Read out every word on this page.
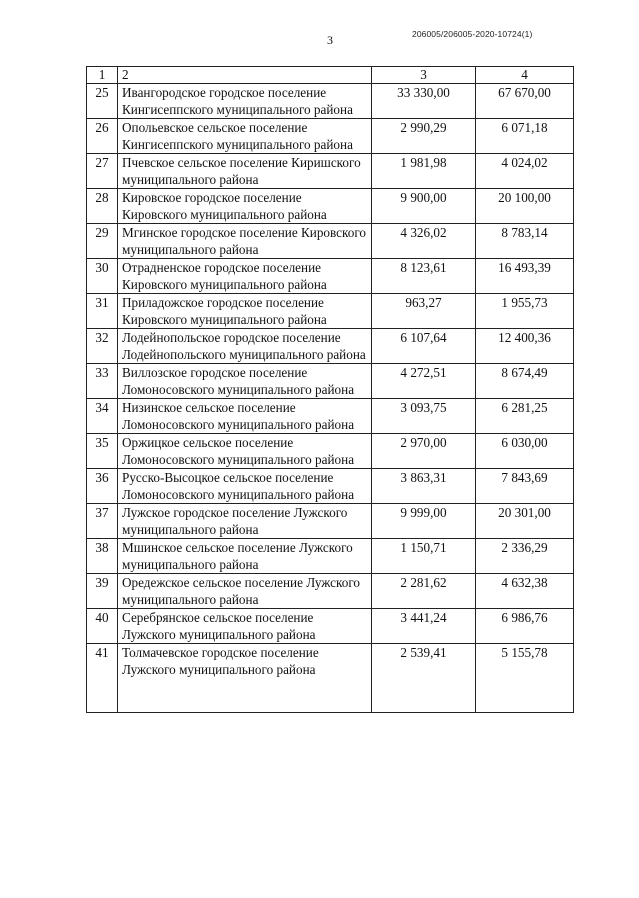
206005/206005-2020-10724(1)
3
1	2	3	4
25	Ивангородское городское поселение Кингисеппского муниципального района	33 330,00	67 670,00
26	Опольевское сельское поселение Кингисеппского муниципального района	2 990,29	6 071,18
27	Пчевское сельское поселение Киришского муниципального района	1 981,98	4 024,02
28	Кировское городское поселение Кировского муниципального района	9 900,00	20 100,00
29	Мгинское городское поселение Кировского муниципального района	4 326,02	8 783,14
30	Отрадненское городское поселение Кировского муниципального района	8 123,61	16 493,39
31	Приладожское городское поселение Кировского муниципального района	963,27	1 955,73
32	Лодейнопольское городское поселение Лодейнопольского муниципального района	6 107,64	12 400,36
33	Виллозское городское поселение Ломоносовского муниципального района	4 272,51	8 674,49
34	Низинское сельское поселение Ломоносовского муниципального района	3 093,75	6 281,25
35	Оржицкое сельское поселение Ломоносовского муниципального района	2 970,00	6 030,00
36	Русско-Высоцкое сельское поселение Ломоносовского муниципального района	3 863,31	7 843,69
37	Лужское городское поселение Лужского муниципального района	9 999,00	20 301,00
38	Мшинское сельское поселение Лужского муниципального района	1 150,71	2 336,29
39	Оредежское сельское поселение Лужского муниципального района	2 281,62	4 632,38
40	Серебрянское сельское поселение Лужского муниципального района	3 441,24	6 986,76
41	Толмачевское городское поселение Лужского муниципального района	2 539,41	5 155,78
